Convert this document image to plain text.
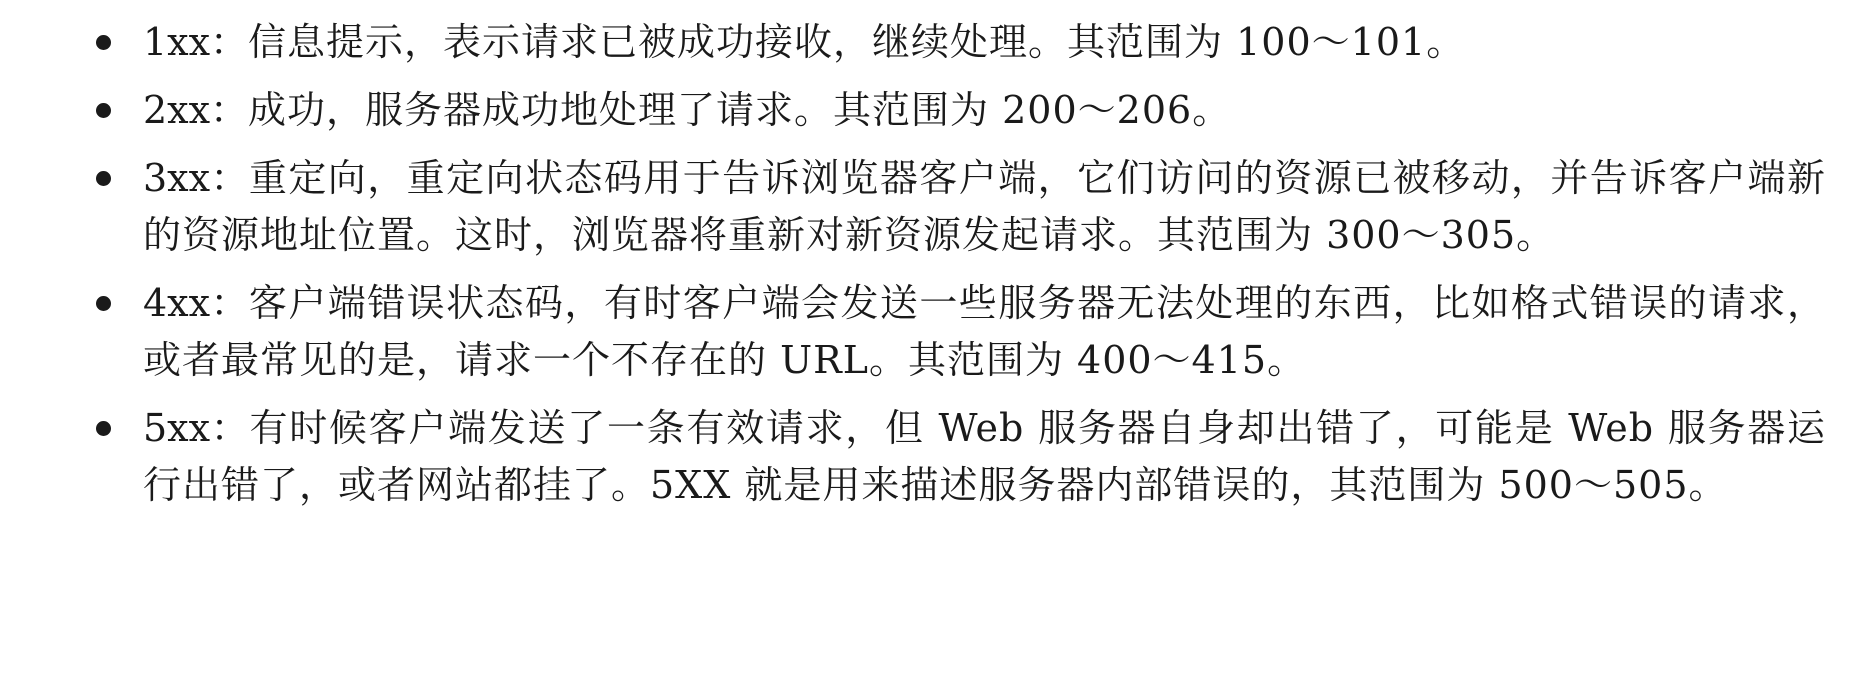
1xx：信息提示，表示请求已被成功接收，继续处理。其范围为 100～101。
2xx：成功，服务器成功地处理了请求。其范围为 200～206。
3xx：重定向，重定向状态码用于告诉浏览器客户端，它们访问的资源已被移动，并告诉客户端新的资源地址位置。这时，浏览器将重新对新资源发起请求。其范围为 300～305。
4xx：客户端错误状态码，有时客户端会发送一些服务器无法处理的东西，比如格式错误的请求，或者最常见的是，请求一个不存在的 URL。其范围为 400～415。
5xx：有时候客户端发送了一条有效请求，但 Web 服务器自身却出错了，可能是 Web 服务器运行出错了，或者网站都挂了。5XX 就是用来描述服务器内部错误的，其范围为 500～505。
